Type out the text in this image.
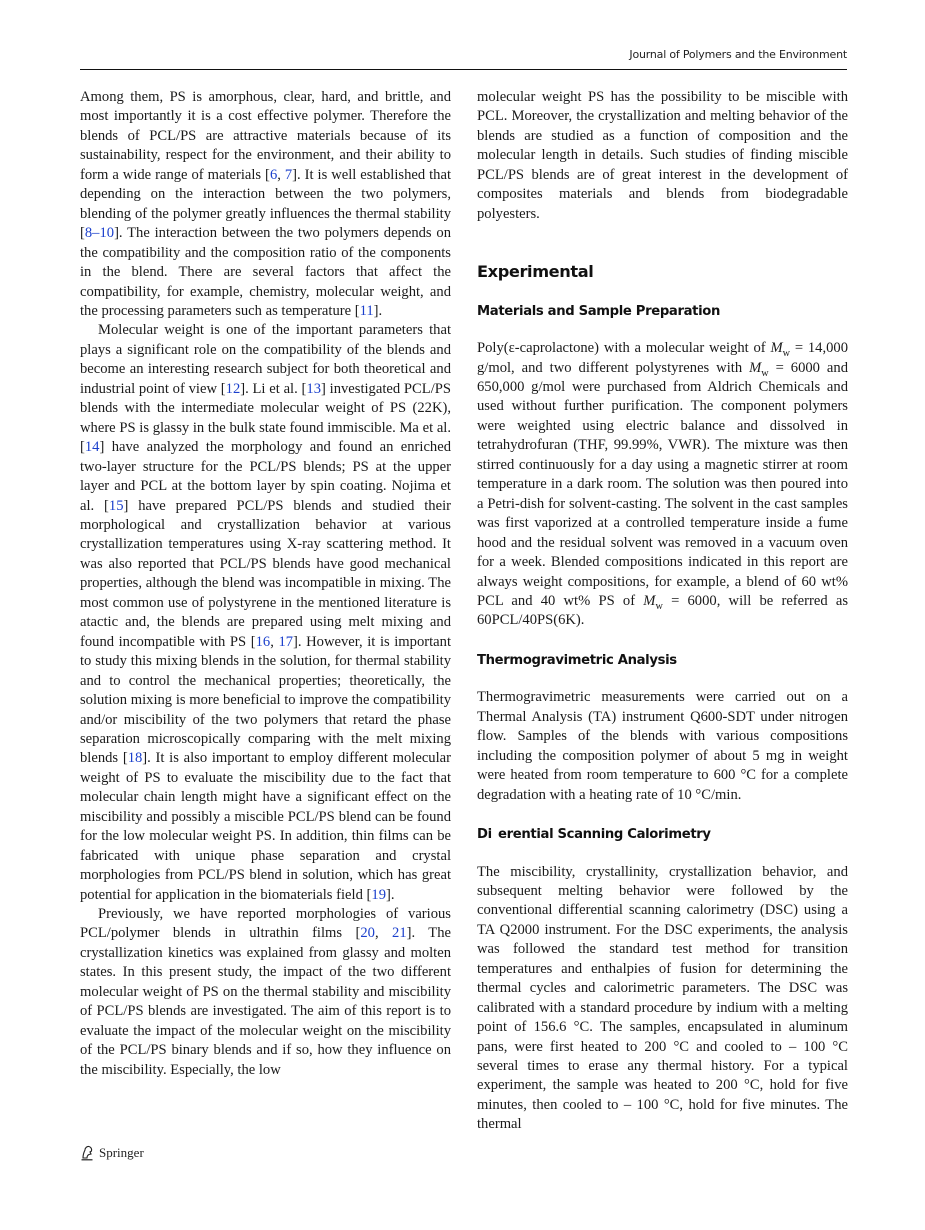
Journal of Polymers and the Environment

Among them, PS is amorphous, clear, hard, and brittle, and most importantly it is a cost effective polymer. Therefore the blends of PCL/PS are attractive materials because of its sustainability, respect for the environment, and their ability to form a wide range of materials [6, 7]. It is well established that depending on the interaction between the two polymers, blending of the polymer greatly influences the thermal stability [8–10]. The interaction between the two polymers depends on the compatibility and the composition ratio of the components in the blend. There are several factors that affect the compatibility, for example, chemistry, molecular weight, and the processing parameters such as temperature [11].

Molecular weight is one of the important parameters that plays a significant role on the compatibility of the blends and become an interesting research subject for both theoretical and industrial point of view [12]. Li et al. [13] investigated PCL/PS blends with the intermediate molecular weight of PS (22K), where PS is glassy in the bulk state found immiscible. Ma et al. [14] have analyzed the morphology and found an enriched two-layer structure for the PCL/PS blends; PS at the upper layer and PCL at the bottom layer by spin coating. Nojima et al. [15] have prepared PCL/PS blends and studied their morphological and crystallization behavior at various crystallization temperatures using X-ray scattering method. It was also reported that PCL/PS blends have good mechanical properties, although the blend was incompatible in mixing. The most common use of polystyrene in the mentioned literature is atactic and, the blends are prepared using melt mixing and found incompatible with PS [16, 17]. However, it is important to study this mixing blends in the solution, for thermal stability and to control the mechanical properties; theoretically, the solution mixing is more beneficial to improve the compatibility and/or miscibility of the two polymers that retard the phase separation microscopically comparing with the melt mixing blends [18]. It is also important to employ different molecular weight of PS to evaluate the miscibility due to the fact that molecular chain length might have a significant effect on the miscibility and possibly a miscible PCL/PS blend can be found for the low molecular weight PS. In addition, thin films can be fabricated with unique phase separation and crystal morphologies from PCL/PS blend in solution, which has great potential for application in the biomaterials field [19].

Previously, we have reported morphologies of various PCL/polymer blends in ultrathin films [20, 21]. The crystallization kinetics was explained from glassy and molten states. In this present study, the impact of the two different molecular weight of PS on the thermal stability and miscibility of PCL/PS blends are investigated. The aim of this report is to evaluate the impact of the molecular weight on the miscibility of the PCL/PS binary blends and if so, how they influence on the miscibility. Especially, the low

molecular weight PS has the possibility to be miscible with PCL. Moreover, the crystallization and melting behavior of the blends are studied as a function of composition and the molecular length in details. Such studies of finding miscible PCL/PS blends are of great interest in the development of composites materials and blends from biodegradable polyesters.

Experimental
Materials and Sample Preparation

Poly(ε-caprolactone) with a molecular weight of $M_w = 14,000$ g/mol, and two different polystyrenes with $M_w = 6000$ and 650,000 g/mol were purchased from Aldrich Chemicals and used without further purification. The component polymers were weighted using electric balance and dissolved in tetrahydrofuran (THF, 99.99%, VWR). The mixture was then stirred continuously for a day using a magnetic stirrer at room temperature in a dark room. The solution was then poured into a Petri-dish for solvent-casting. The solvent in the cast samples was first vaporized at a controlled temperature inside a fume hood and the residual solvent was removed in a vacuum oven for a week. Blended compositions indicated in this report are always weight compositions, for example, a blend of 60 wt% PCL and 40 wt% PS of $M_w = 6000$, will be referred as 60PCL/40PS(6K).

Thermogravimetric Analysis

Thermogravimetric measurements were carried out on a Thermal Analysis (TA) instrument Q600-SDT under nitrogen flow. Samples of the blends with various compositions including the composition polymer of about 5 mg in weight were heated from room temperature to 600 °C for a complete degradation with a heating rate of 10 °C/min.

Di erential Scanning Calorimetry

The miscibility, crystallinity, crystallization behavior, and subsequent melting behavior were followed by the conventional differential scanning calorimetry (DSC) using a TA Q2000 instrument. For the DSC experiments, the analysis was followed the standard test method for transition temperatures and enthalpies of fusion for determining the thermal cycles and calorimetric parameters. The DSC was calibrated with a standard procedure by indium with a melting point of 156.6 °C. The samples, encapsulated in aluminum pans, were first heated to 200 °C and cooled to – 100 °C several times to erase any thermal history. For a typical experiment, the sample was heated to 200 °C, hold for five minutes, then cooled to – 100 °C, hold for five minutes. The thermal

Springer
